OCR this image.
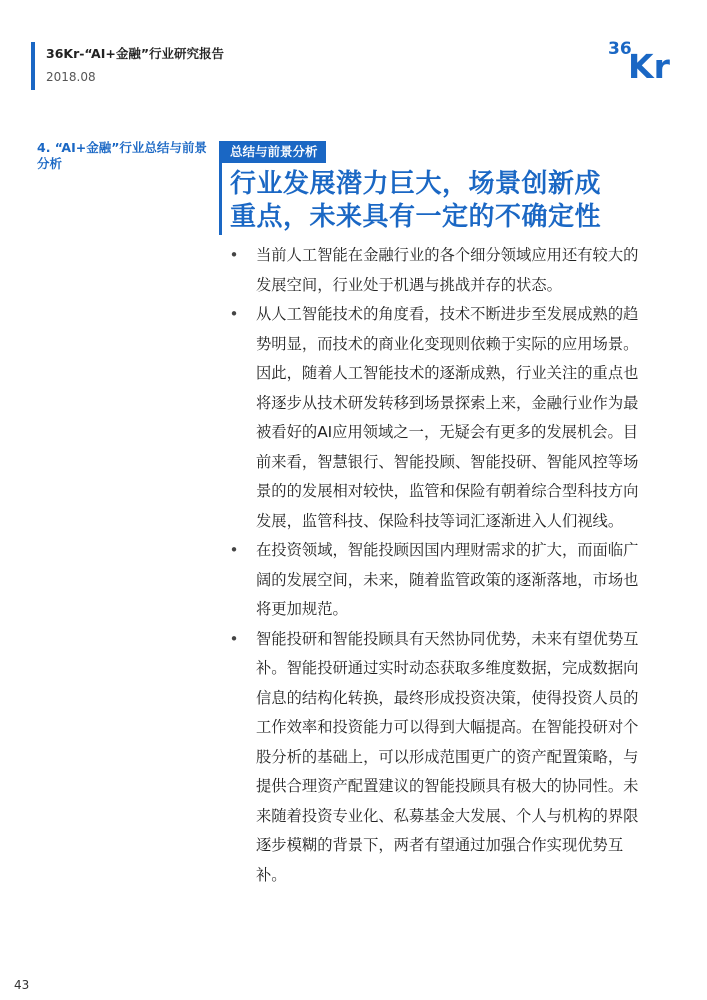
36Kr-“AI+金融”行业研究报告
2018.08
36
Kr
4. “AI+金融”行业总结与前景分析
总结与前景分析
行业发展潜力巨大，场景创新成
重点，未来具有一定的不确定性
• 当前人工智能在金融行业的各个细分领域应用还有较大的发展空间，行业处于机遇与挑战并存的状态。
• 从人工智能技术的角度看，技术不断进步至发展成熟的趋势明显，而技术的商业化变现则依赖于实际的应用场景。因此，随着人工智能技术的逐渐成熟，行业关注的重点也将逐步从技术研发转移到场景探索上来，金融行业作为最被看好的AI应用领域之一，无疑会有更多的发展机会。目前来看，智慧银行、智能投顾、智能投研、智能风控等场景的的发展相对较快，监管和保险有朝着综合型科技方向发展，监管科技、保险科技等词汇逐渐进入人们视线。
• 在投资领域，智能投顾因国内理财需求的扩大，而面临广阔的发展空间，未来，随着监管政策的逐渐落地，市场也将更加规范。
• 智能投研和智能投顾具有天然协同优势，未来有望优势互补。智能投研通过实时动态获取多维度数据，完成数据向信息的结构化转换，最终形成投资决策，使得投资人员的工作效率和投资能力可以得到大幅提高。在智能投研对个股分析的基础上，可以形成范围更广的资产配置策略，与提供合理资产配置建议的智能投顾具有极大的协同性。未来随着投资专业化、私募基金大发展、个人与机构的界限逐步模糊的背景下，两者有望通过加强合作实现优势互补。
43
